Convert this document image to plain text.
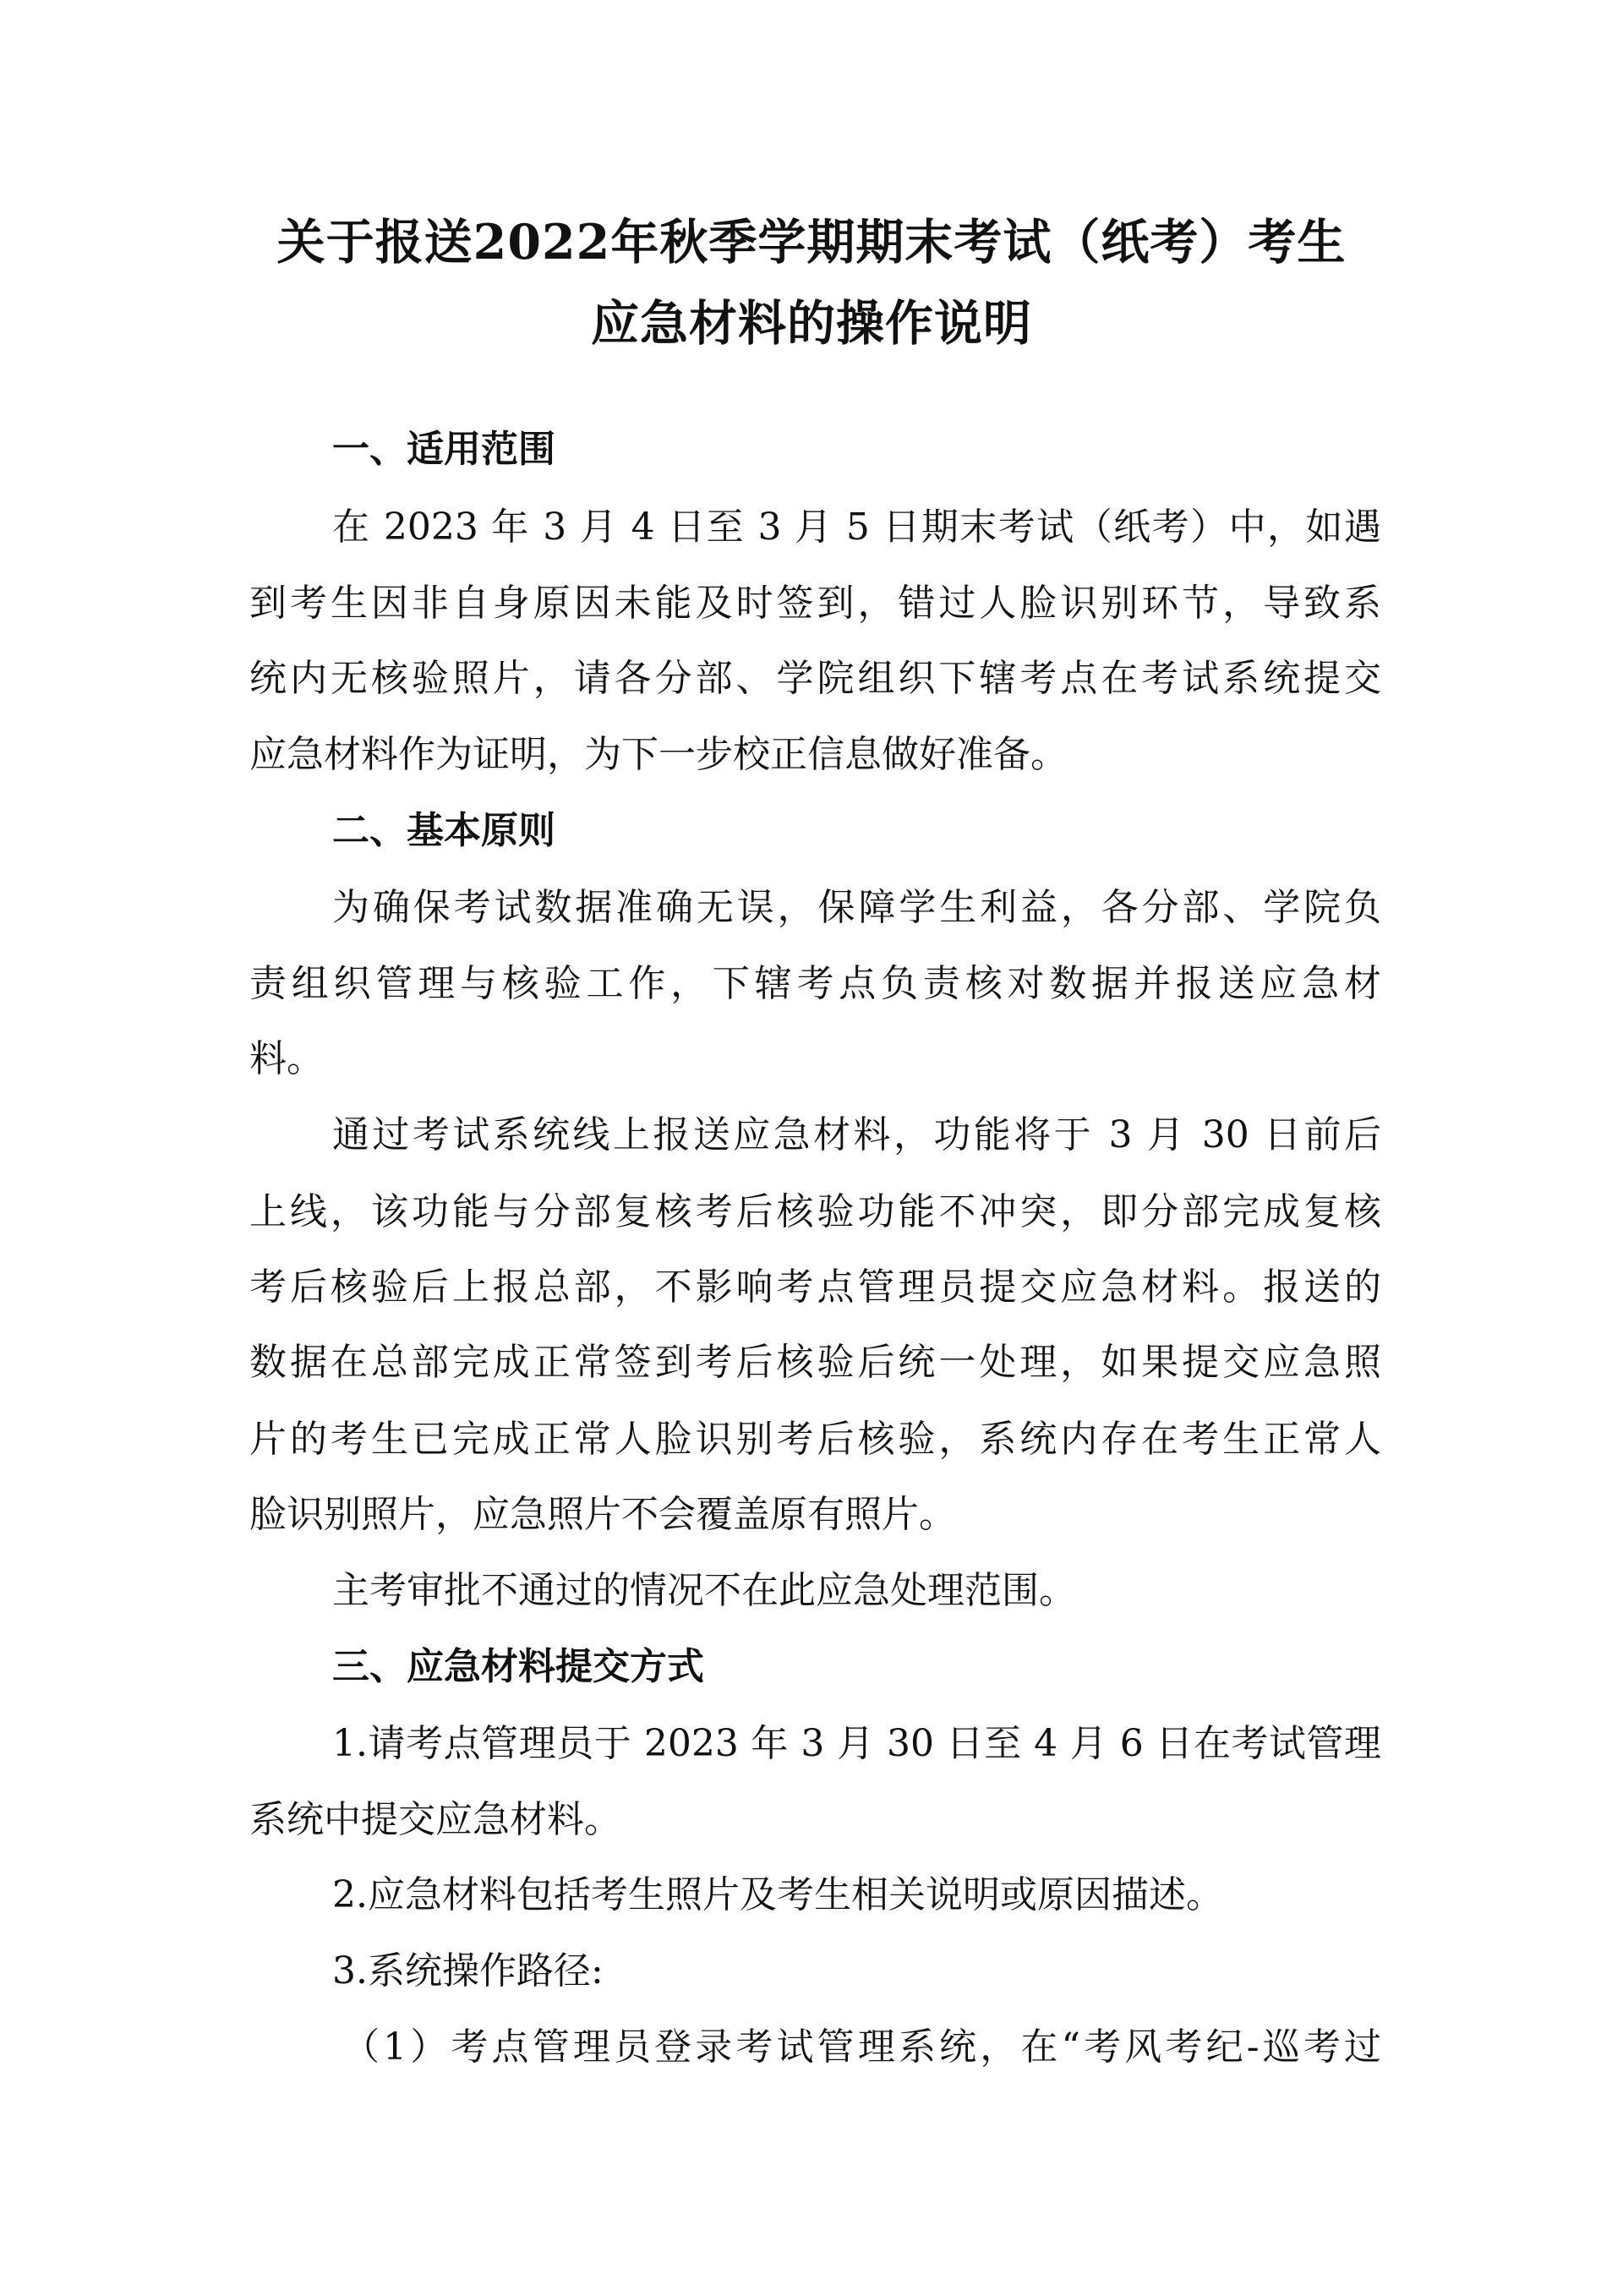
关于报送2022年秋季学期期末考试（纸考）考生
应急材料的操作说明
一、适用范围
在 2023 年 3 月 4 日至 3 月 5 日期末考试（纸考）中，如遇
到考生因非自身原因未能及时签到，错过人脸识别环节，导致系
统内无核验照片，请各分部、学院组织下辖考点在考试系统提交
应急材料作为证明，为下一步校正信息做好准备。
二、基本原则
为确保考试数据准确无误，保障学生利益，各分部、学院负
责组织管理与核验工作，下辖考点负责核对数据并报送应急材
料。
通过考试系统线上报送应急材料，功能将于 3 月 30 日前后
上线，该功能与分部复核考后核验功能不冲突，即分部完成复核
考后核验后上报总部，不影响考点管理员提交应急材料。报送的
数据在总部完成正常签到考后核验后统一处理，如果提交应急照
片的考生已完成正常人脸识别考后核验，系统内存在考生正常人
脸识别照片，应急照片不会覆盖原有照片。
主考审批不通过的情况不在此应急处理范围。
三、应急材料提交方式
1.请考点管理员于 2023 年 3 月 30 日至 4 月 6 日在考试管理
系统中提交应急材料。
2.应急材料包括考生照片及考生相关说明或原因描述。
3.系统操作路径:
（1）考点管理员登录考试管理系统，在“考风考纪-巡考过
